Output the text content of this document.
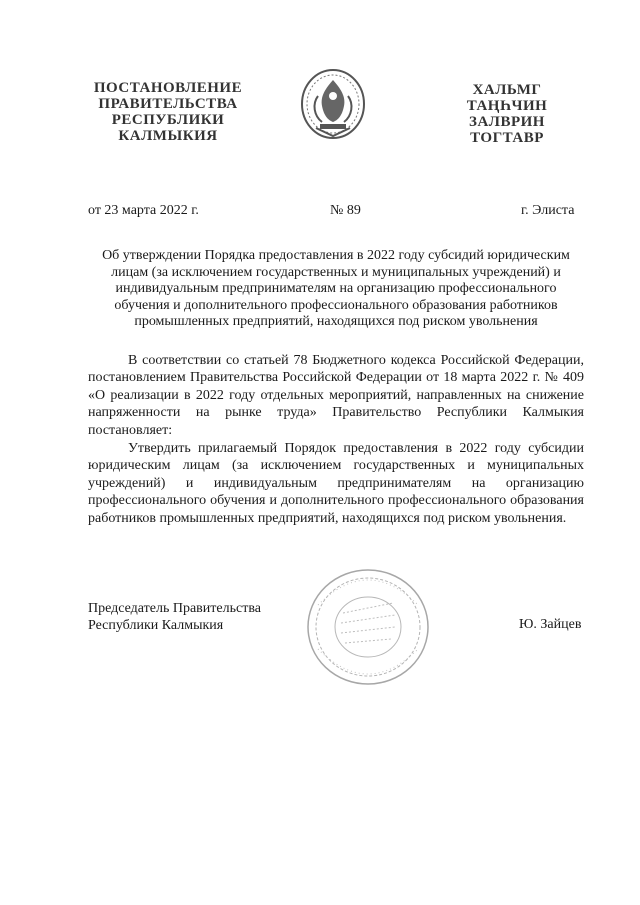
ПОСТАНОВЛЕНИЕ
ПРАВИТЕЛЬСТВА
РЕСПУБЛИКИ
КАЛМЫКИЯ
ХАЛЬМГ
ТАҢҺЧИН
ЗАЛВРИН
ТОГТАВР
от 23 марта 2022 г.	№ 89	г. Элиста
Об утверждении Порядка предоставления в 2022 году субсидий юридическим лицам (за исключением государственных и муниципальных учреждений) и индивидуальным предпринимателям на организацию профессионального обучения и дополнительного профессионального образования работников промышленных предприятий, находящихся под риском увольнения
В соответствии со статьей 78 Бюджетного кодекса Российской Федерации, постановлением Правительства Российской Федерации от 18 марта 2022 г. № 409 «О реализации в 2022 году отдельных мероприятий, направленных на снижение напряженности на рынке труда» Правительство Республики Калмыкия постановляет:
Утвердить прилагаемый Порядок предоставления в 2022 году субсидии юридическим лицам (за исключением государственных и муниципальных учреждений) и индивидуальным предпринимателям на организацию профессионального обучения и дополнительного профессионального образования работников промышленных предприятий, находящихся под риском увольнения.
Председатель Правительства
Республики Калмыкия	Ю. Зайцев
